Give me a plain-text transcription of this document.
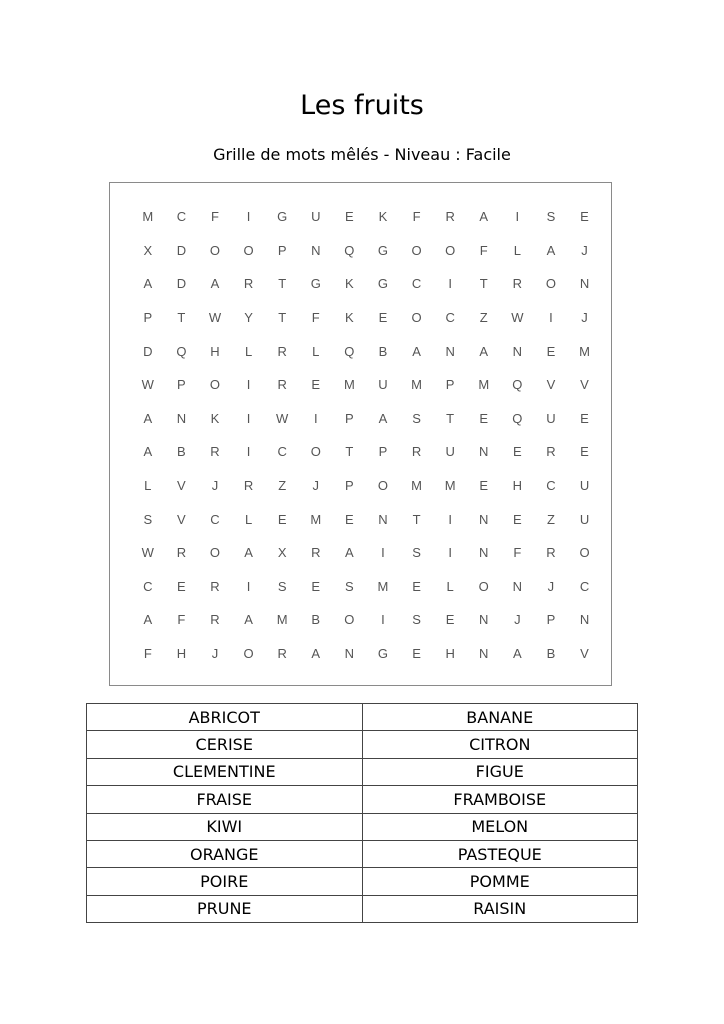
Les fruits
Grille de mots mêlés - Niveau : Facile
M	C	F	I	G	U	E	K	F	R	A	I	S	E
X	D	O	O	P	N	Q	G	O	O	F	L	A	J
A	D	A	R	T	G	K	G	C	I	T	R	O	N
P	T	W	Y	T	F	K	E	O	C	Z	W	I	J
D	Q	H	L	R	L	Q	B	A	N	A	N	E	M
W	P	O	I	R	E	M	U	M	P	M	Q	V	V
A	N	K	I	W	I	P	A	S	T	E	Q	U	E
A	B	R	I	C	O	T	P	R	U	N	E	R	E
L	V	J	R	Z	J	P	O	M	M	E	H	C	U
S	V	C	L	E	M	E	N	T	I	N	E	Z	U
W	R	O	A	X	R	A	I	S	I	N	F	R	O
C	E	R	I	S	E	S	M	E	L	O	N	J	C
A	F	R	A	M	B	O	I	S	E	N	J	P	N
F	H	J	O	R	A	N	G	E	H	N	A	B	V
ABRICOT	BANANE
CERISE	CITRON
CLEMENTINE	FIGUE
FRAISE	FRAMBOISE
KIWI	MELON
ORANGE	PASTEQUE
POIRE	POMME
PRUNE	RAISIN
